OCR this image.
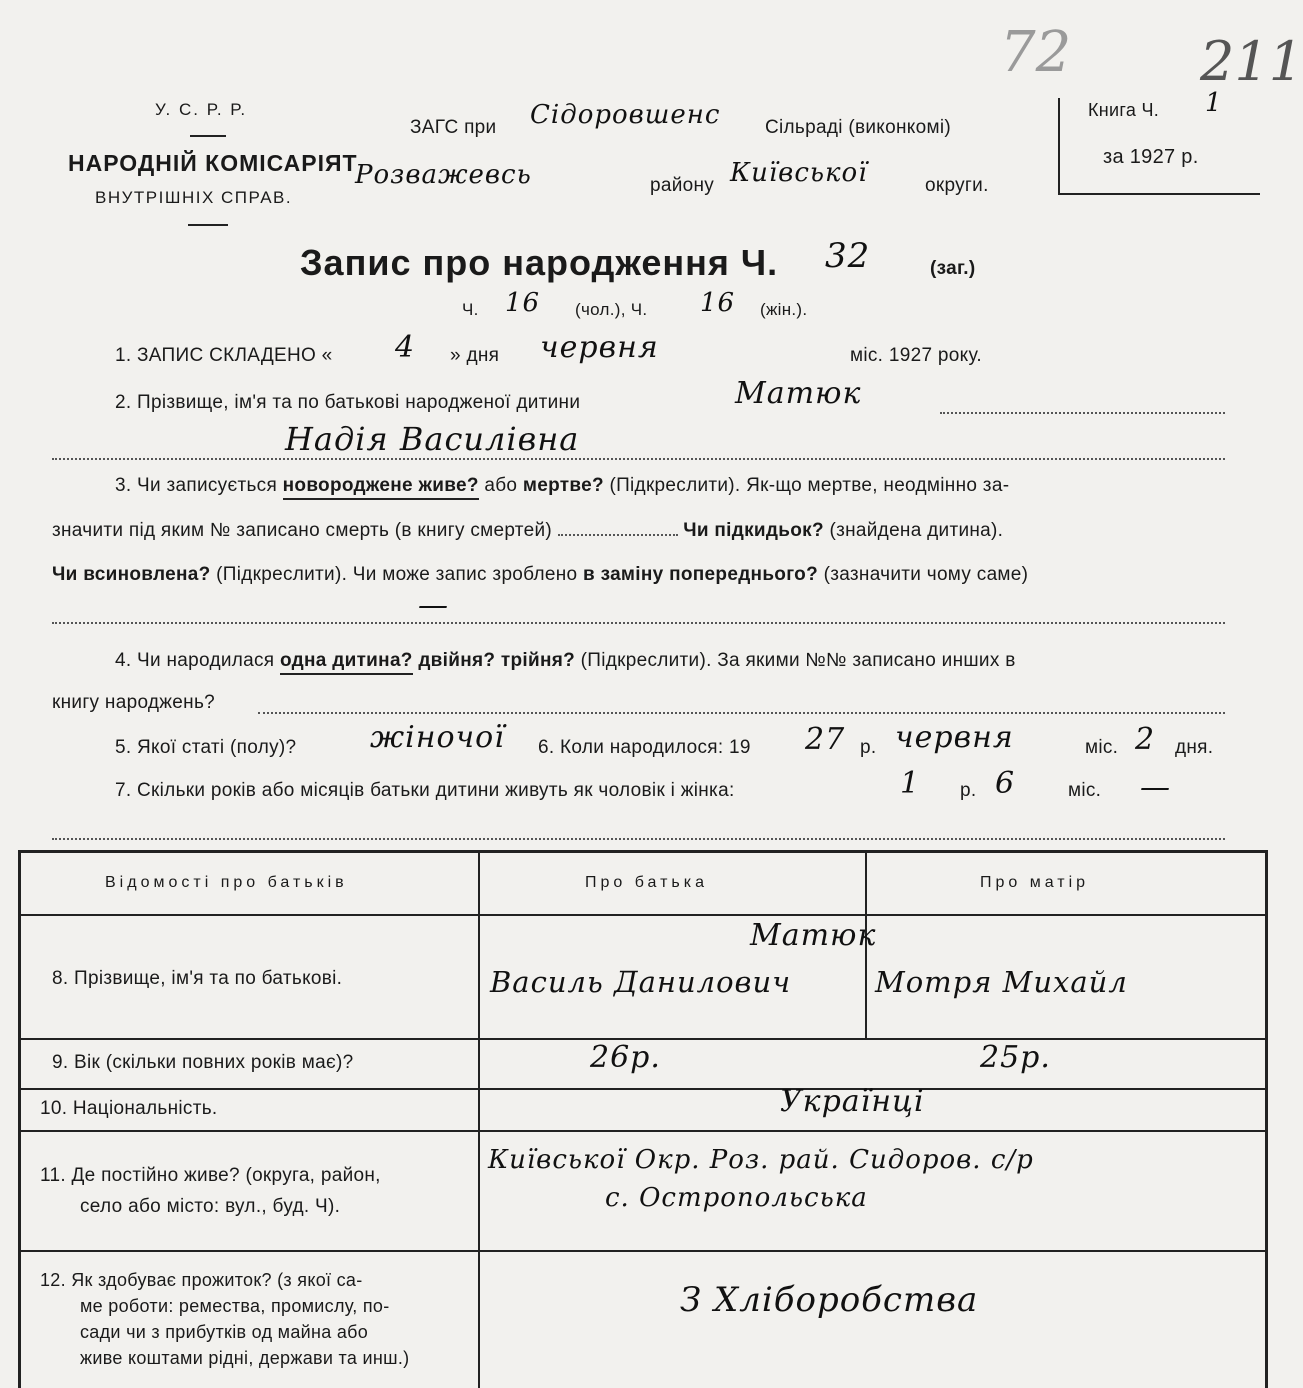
72 211
У. С. Р. Р.
НАРОДНІЙ КОМІСАРІЯТ
ВНУТРІШНІХ СПРАВ.
ЗАГС при Сідоровшенс Сільраді (виконкомі)
Розважевсь	району Київської	округи.
Книга Ч. 1
за 1927 р.
Запис про народження Ч. 32	(заг.)
Ч. 16 (чол.), Ч. 16 (жін.).
1. ЗАПИС СКЛАДЕНО « 4 » дня червня	міс. 1927 року.
2. Прізвище, ім'я та по батькові народженої дитини	Матюк
Надія Василівна
3. Чи записується новороджене живе? або мертве? (Підкреслити). Як-що мертве, неодмінно за-
значити під яким № записано смерть (в книгу смертей)	Чи підкидьок? (знайдена дитина).
Чи всиновлена? (Підкреслити). Чи може запис зроблено в заміну попереднього? (зазначити чому саме)
—
4. Чи народилася одна дитина? двійня? трійня? (Підкреслити). За якими №№ записано инших в
книгу народжень?
5. Якої статі (полу)? жіночої 6. Коли народилося: 19 27 р. червня	міс. 2 дня.
7. Скільки років або місяців батьки дитини живуть як чоловік і жінка:	1 р. 6	міс. —
Відомості про батьків	Про батька	Про матір
8. Прізвище, ім'я та по батькові.
Матюк
Василь Данилович	Мотря Михайл
9. Вік (скільки повних років має)?	26р.	25р.
10. Національність.	Українці
11. Де постійно живе? (округа, район,
село або місто: вул., буд. Ч).
Київської Окр. Роз. рай. Сидоров. с/р
с. Остропольська
12. Як здобуває прожиток? (з якої са-
ме роботи: ремества, промислу, по-
сади чи з прибутків од майна або
живе коштами рідні, держави та инш.)
З Хліборобства
